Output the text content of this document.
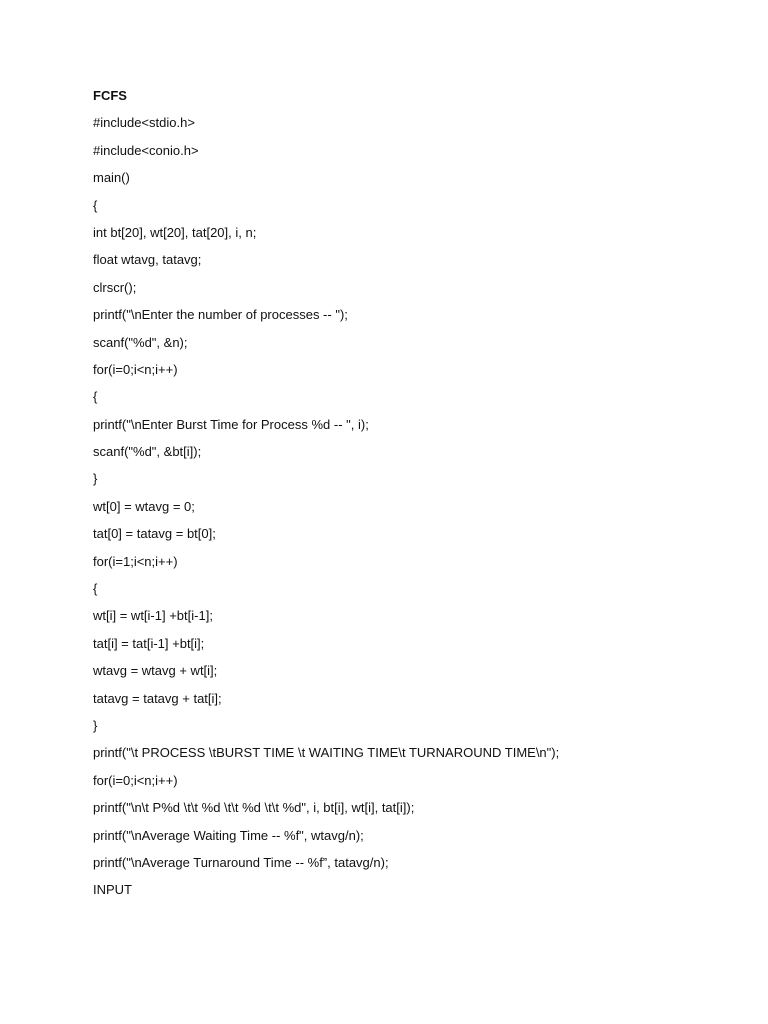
FCFS
#include<stdio.h>
#include<conio.h>
main()
{
int bt[20], wt[20], tat[20], i, n;
float wtavg, tatavg;
clrscr();
printf("\nEnter the number of processes -- ");
scanf("%d", &n);
for(i=0;i<n;i++)
{
printf("\nEnter Burst Time for Process %d -- ", i);
scanf("%d", &bt[i]);
}
wt[0] = wtavg = 0;
tat[0] = tatavg = bt[0];
for(i=1;i<n;i++)
{
wt[i] = wt[i-1] +bt[i-1];
tat[i] = tat[i-1] +bt[i];
wtavg = wtavg + wt[i];
tatavg = tatavg + tat[i];
}
printf("\t PROCESS \tBURST TIME \t WAITING TIME\t TURNAROUND TIME\n");
for(i=0;i<n;i++)
printf("\n\t P%d \t\t %d \t\t %d \t\t %d", i, bt[i], wt[i], tat[i]);
printf("\nAverage Waiting Time -- %f", wtavg/n);
printf("\nAverage Turnaround Time -- %f”, tatavg/n);
INPUT
